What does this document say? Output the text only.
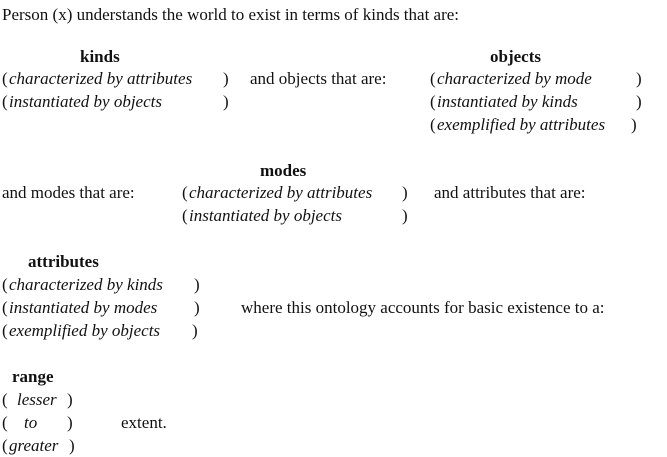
Person (x) understands the world to exist in terms of kinds that are:
kinds
( characterized by attributes )
( instantiated by objects	)
and objects that are:
objects
( characterized by mode	)
( instantiated by kinds	)
( exemplified by attributes )
modes
and modes that are:	( characterized by attributes )
( instantiated by objects	)
and attributes that are:
attributes
( characterized by kinds )
( instantiated by modes )
( exemplified by objects )
where this ontology accounts for basic existence to a:
range
( lesser )
( to )
( greater )
extent.
